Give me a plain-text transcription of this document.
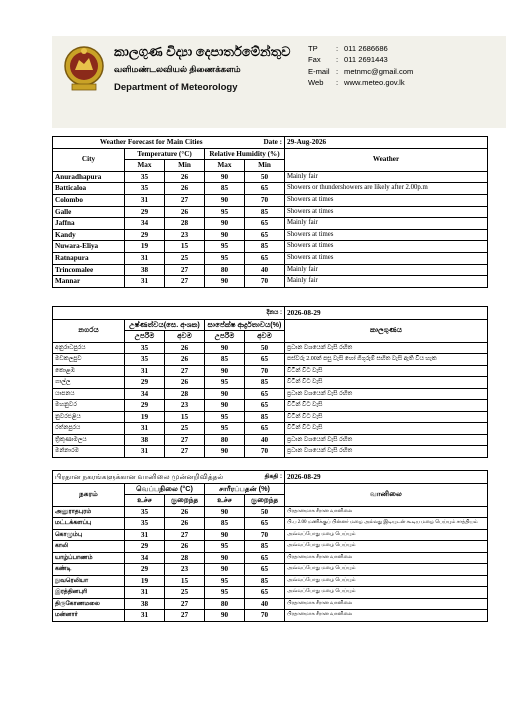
කාලගුණ විද්‍යා දෙපාර්තමේන්තුව
வளிமண்டலவியல் திணைக்களம்
Department of Meteorology
TP	: 011 2686686
Fax	: 011 2691443
E-mail : metnmc@gmail.com
Web	: www.meteo.gov.lk
Weather Forecast for Main Cities			Date :		29-Aug-2026
City	Temperature (°C)		Relative Humidity (%)		Weather
	Max	Min	Max	Min	
Anuradhapura	35	26	90	50	Mainly fair
Batticaloa	35	26	85	65	Showers or thundershowers are likely after 2.00p.m
Colombo	31	27	90	70	Showers at times
Galle	29	26	95	85	Showers at times
Jaffna	34	28	90	65	Mainly fair
Kandy	29	23	90	65	Showers at times
Nuwara-Eliya	19	15	95	85	Showers at times
Ratnapura	31	25	95	65	Showers at times
Trincomalee	38	27	80	40	Mainly fair
Mannar	31	27	90	70	Mainly fair
			දිනය :		2026-08-29
නගරය	උෂ්ණත්වය(සෙ. අංශක)		සාපේක්ෂ ආර්ද්‍රතාවය(%)		කාලගුණය
	උපරිම	අවම	උපරිම	අවම	
අනුරාධපුරය	35	26	90	50	ප්‍රධාන වශයෙන් වැසි රහිත
මඩකලපුව	35	26	85	65	පස්වරු 2.00න් පසු වැසි හෝ ගිගුරුම් සහිත වැසි ඇති විය හැක
කොළඹ	31	27	90	70	විටින් විට වැසි
ගාල්ල	29	26	95	85	විටින් විට වැසි
යාපනය	34	28	90	65	ප්‍රධාන වශයෙන් වැසි රහිත
මහනුවර	29	23	90	65	විටින් විට වැසි
නුවරඑළිය	19	15	95	85	විටින් විට වැසි
රත්නපුරය	31	25	95	65	විටින් විට වැසි
ත්‍රිකුණාමලය	38	27	80	40	ප්‍රධාන වශයෙන් වැසි රහිත
මන්නාරම	31	27	90	70	ප්‍රධාන වශයෙන් වැසි රහිත
பிரதான நகரங்களுக்கான வானிலை முன்னறிவித்தல்			திகதி :		2026-08-29
நகரம்	வெப்பநிலை (°C)		சாரீரப்பதன் (%)		வானிலை
	உச்ச	குறைந்த	உச்ச	குறைந்த	
அனுராதபுரம்	35	26	90	50	பிரதானமாக சீரான வானிலை
மட்டக்களப்பு	35	26	85	65	பி.ப 2.00 மணிக்குப் பின்னர் மழை அல்லது இடியுடன் கூடிய மழை பெய்யும் சாத்தியம்
கொழும்பு	31	27	90	70	அவ்வப்போது மழை பெய்யும்
காலி	29	26	95	85	அவ்வப்போது மழை பெய்யும்
யாழ்ப்பாணம்	34	28	90	65	பிரதானமாக சீரான வானிலை
கண்டி	29	23	90	65	அவ்வப்போது மழை பெய்யும்
நுவரெலியா	19	15	95	85	அவ்வப்போது மழை பெய்யும்
இரத்தினபுரி	31	25	95	65	அவ்வப்போது மழை பெய்யும்
திருகோணமலை	38	27	80	40	பிரதானமாக சீரான வானிலை
மன்னார்	31	27	90	70	பிரதானமாக சீரான வானிலை
